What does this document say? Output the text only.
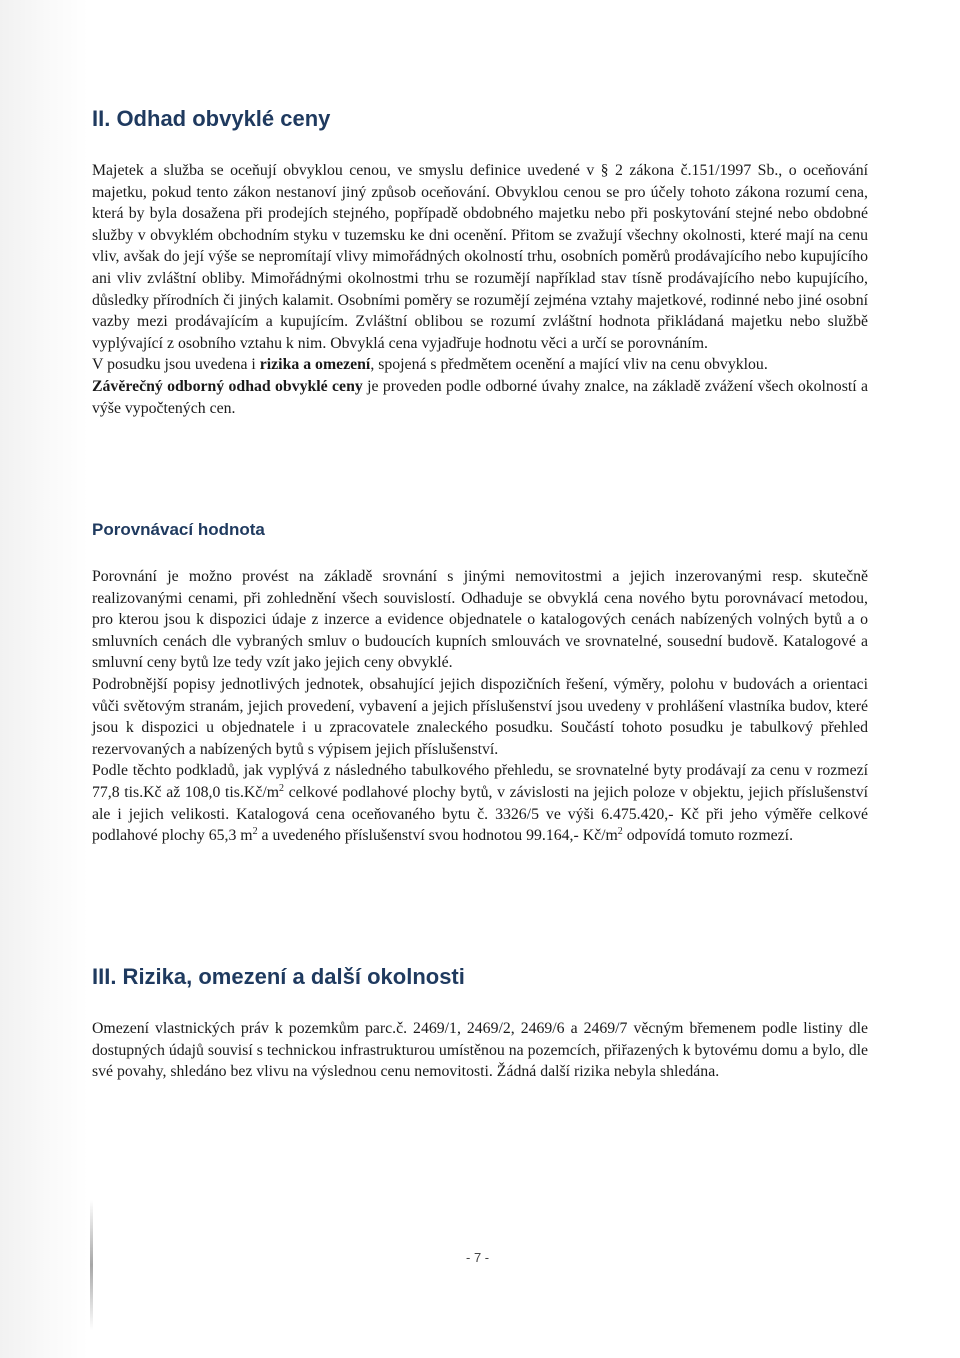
II. Odhad obvyklé ceny

Majetek a služba se oceňují obvyklou cenou, ve smyslu definice uvedené v § 2 zákona č.151/1997 Sb., o oceňování majetku, pokud tento zákon nestanoví jiný způsob oceňování. Obvyklou cenou se pro účely tohoto zákona rozumí cena, která by byla dosažena při prodejích stejného, popřípadě obdobného majetku nebo při poskytování stejné nebo obdobné služby v obvyklém obchodním styku v tuzemsku ke dni ocenění. Přitom se zvažují všechny okolnosti, které mají na cenu vliv, avšak do její výše se nepromítají vlivy mimořádných okolností trhu, osobních poměrů prodávajícího nebo kupujícího ani vliv zvláštní obliby. Mimořádnými okolnostmi trhu se rozumějí například stav tísně prodávajícího nebo kupujícího, důsledky přírodních či jiných kalamit. Osobními poměry se rozumějí zejména vztahy majetkové, rodinné nebo jiné osobní vazby mezi prodávajícím a kupujícím. Zvláštní oblibou se rozumí zvláštní hodnota přikládaná majetku nebo službě vyplývající z osobního vztahu k nim. Obvyklá cena vyjadřuje hodnotu věci a určí se porovnáním.

V posudku jsou uvedena i rizika a omezení, spojená s předmětem ocenění a mající vliv na cenu obvyklou.

Závěrečný odborný odhad obvyklé ceny je proveden podle odborné úvahy znalce, na základě zvážení všech okolností a výše vypočtených cen.

Porovnávací hodnota

Porovnání je možno provést na základě srovnání s jinými nemovitostmi a jejich inzerovanými resp. skutečně realizovanými cenami, při zohlednění všech souvislostí. Odhaduje se obvyklá cena nového bytu porovnávací metodou, pro kterou jsou k dispozici údaje z inzerce a evidence objednatele o katalogových cenách nabízených volných bytů a o smluvních cenách dle vybraných smluv o budoucích kupních smlouvách ve srovnatelné, sousední budově. Katalogové a smluvní ceny bytů lze tedy vzít jako jejich ceny obvyklé.

Podrobnější popisy jednotlivých jednotek, obsahující jejich dispozičních řešení, výměry, polohu v budovách a orientaci vůči světovým stranám, jejich provedení, vybavení a jejich příslušenství jsou uvedeny v prohlášení vlastníka budov, které jsou k dispozici u objednatele i u zpracovatele znaleckého posudku. Součástí tohoto posudku je tabulkový přehled rezervovaných a nabízených bytů s výpisem jejich příslušenství.

Podle těchto podkladů, jak vyplývá z následného tabulkového přehledu, se srovnatelné byty prodávají za cenu v rozmezí 77,8 tis.Kč až 108,0 $tis.Kč/m^2$ celkové podlahové plochy bytů, v závislosti na jejich poloze v objektu, jejich příslušenství ale i jejich velikosti. Katalogová cena oceňovaného bytu č. 3326/5 ve výši 6.475.420,- Kč při jeho výměře celkové podlahové plochy 65,3 $m^2$ a uvedeného příslušenství svou hodnotou 99.164,- $Kč/m^2$ odpovídá tomuto rozmezí.

III. Rizika, omezení a další okolnosti

Omezení vlastnických práv k pozemkům parc.č. 2469/1, 2469/2, 2469/6 a 2469/7 věcným břemenem podle listiny dle dostupných údajů souvisí s technickou infrastrukturou umístěnou na pozemcích, přiřazených k bytovému domu a bylo, dle své povahy, shledáno bez vlivu na výslednou cenu nemovitosti. Žádná další rizika nebyla shledána.

- 7 -
